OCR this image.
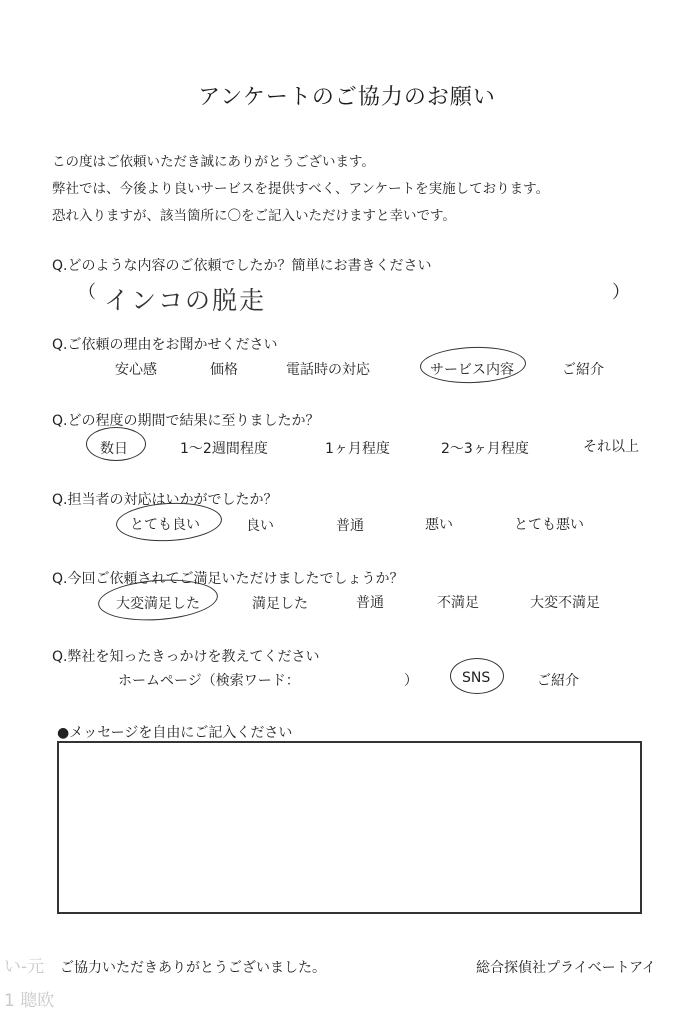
アンケートのご協力のお願い
この度はご依頼いただき誠にありがとうございます。
弊社では、今後より良いサービスを提供すべく、アンケートを実施しております。
恐れ入りますが、該当箇所に〇をご記入いただけますと幸いです。
Q.どのような内容のご依頼でしたか？簡単にお書きください
（ インコの脱走	）
Q.ご依頼の理由をお聞かせください
安心感	価格	電話時の対応	サービス内容	ご紹介
Q.どの程度の期間で結果に至りましたか？
数日	1～2週間程度	1ヶ月程度	2～3ヶ月程度	それ以上
Q.担当者の対応はいかがでしたか？
とても良い	良い	普通	悪い	とても悪い
Q.今回ご依頼されてご満足いただけましたでしょうか？
大変満足した	満足した	普通	不満足	大変不満足
Q.弊社を知ったきっかけを教えてください
ホームページ（検索ワード：	）	SNS	ご紹介
●メッセージを自由にご記入ください
ご協力いただきありがとうございました。	総合探偵社プライベートアイ
い-元
1 聰欧
